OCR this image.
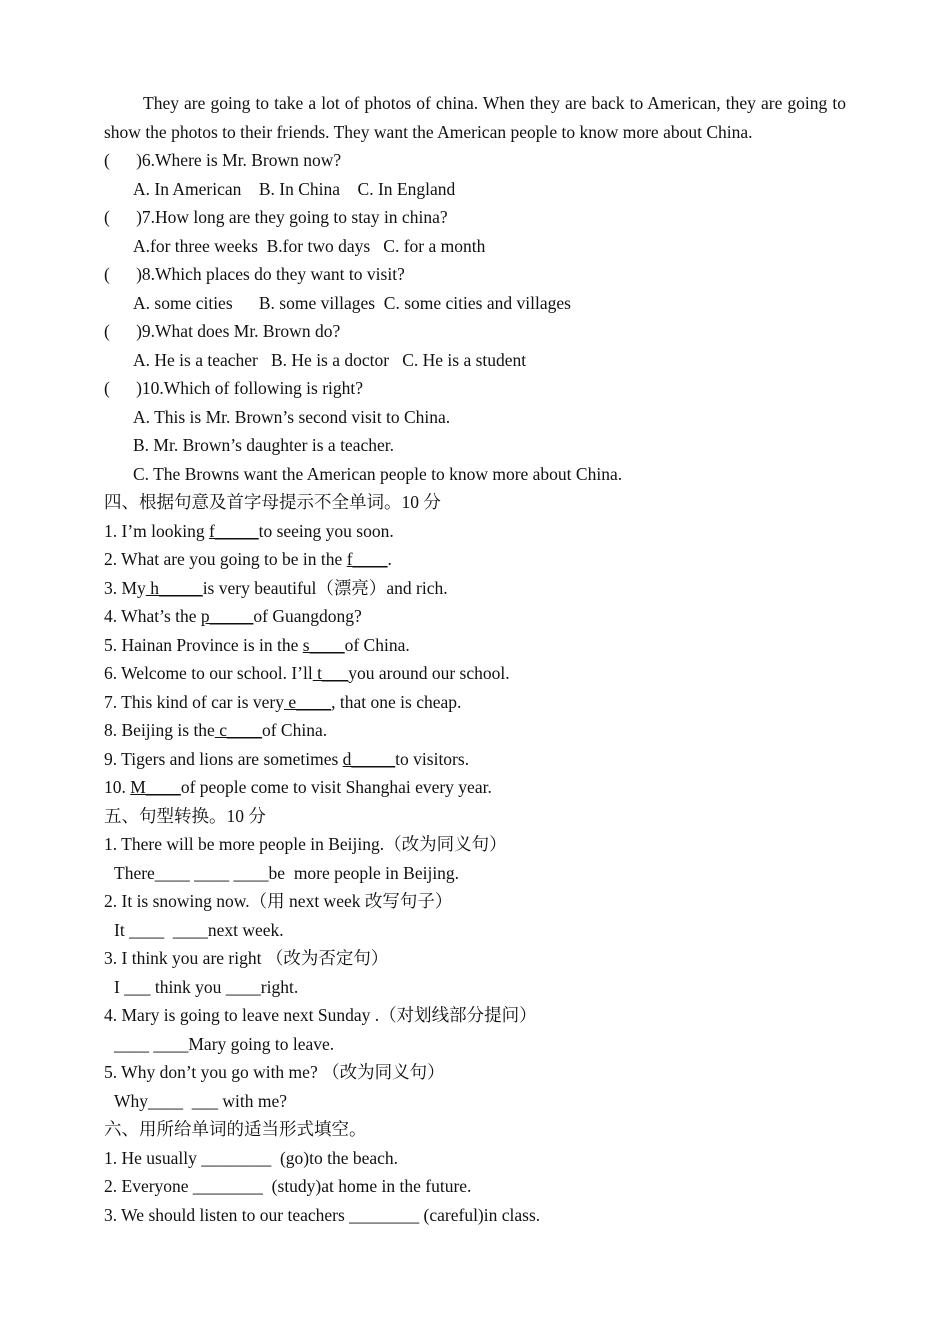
They are going to take a lot of photos of china. When they are back to American, they are going to show the photos to their friends. They want the American people to know more about China.

(      )6.Where is Mr. Brown now?
A. In American    B. In China    C. In England
(      )7.How long are they going to stay in china?
A.for three weeks  B.for two days   C. for a month
(      )8.Which places do they want to visit?
A. some cities      B. some villages  C. some cities and villages
(      )9.What does Mr. Brown do?
A. He is a teacher   B. He is a doctor   C. He is a student
(      )10.Which of following is right?
A. This is Mr. Brown’s second visit to China.
B. Mr. Brown’s daughter is a teacher.
C. The Browns want the American people to know more about China.
四、根据句意及首字母提示不全单词。10 分
1. I’m looking f_____to seeing you soon.
2. What are you going to be in the f____.
3. My h_____is very beautiful（漂亮）and rich.
4. What’s the p_____of Guangdong?
5. Hainan Province is in the s____of China.
6. Welcome to our school. I’ll t___you around our school.
7. This kind of car is very e____, that one is cheap.
8. Beijing is the c____of China.
9. Tigers and lions are sometimes d_____to visitors.
10. M____of people come to visit Shanghai every year.
五、句型转换。10 分
1. There will be more people in Beijing.（改为同义句）
There____ ____ ____be  more people in Beijing.
2. It is snowing now.（用 next week 改写句子）
It ____  ____next week.
3. I think you are right （改为否定句）
I ___ think you ____right.
4. Mary is going to leave next Sunday .（对划线部分提问）
____ ____Mary going to leave.
5. Why don’t you go with me? （改为同义句）
Why____  ___ with me?
六、用所给单词的适当形式填空。
1. He usually ________  (go)to the beach.
2. Everyone ________  (study)at home in the future.
3. We should listen to our teachers ________ (careful)in class.
